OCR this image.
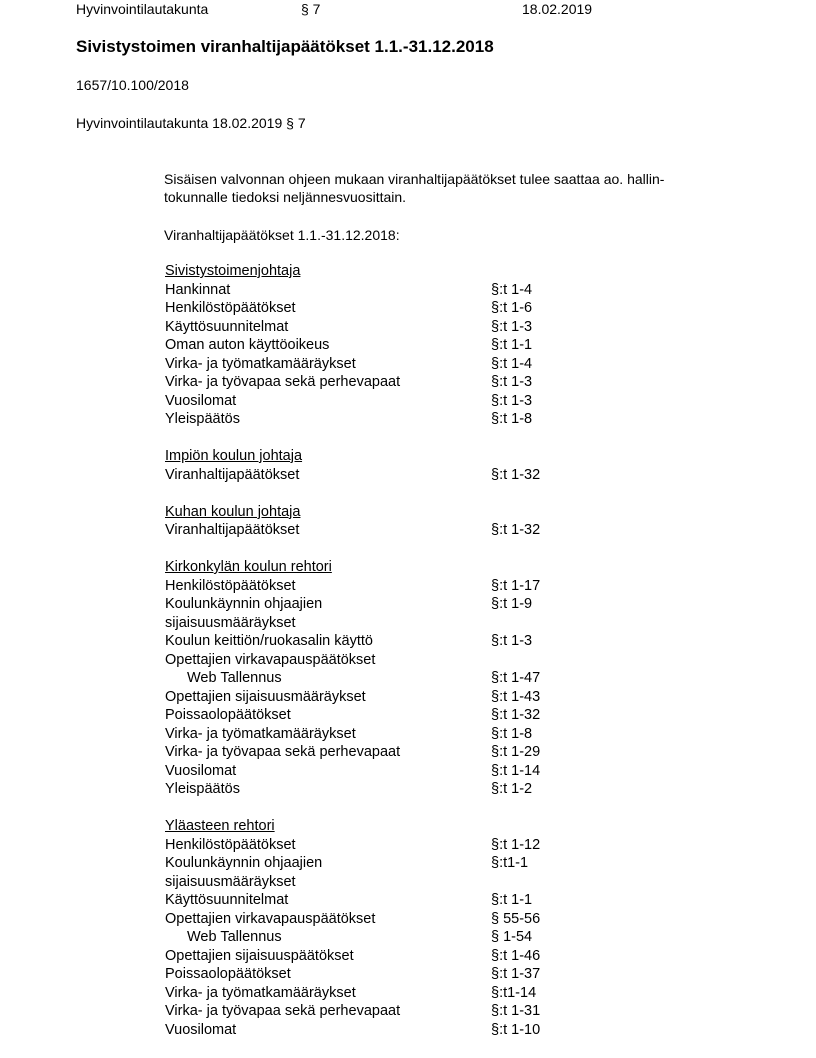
Hyvinvointilautakunta	§ 7	18.02.2019
Sivistystoimen viranhaltijapäätökset 1.1.-31.12.2018
1657/10.100/2018
Hyvinvointilautakunta 18.02.2019 § 7

Sisäisen valvonnan ohjeen mukaan viranhaltijapäätökset tulee saattaa ao. hallin-

tokunnalle tiedoksi neljännesvuosittain.

Viranhaltijapäätökset 1.1.-31.12.2018:

Sivistystoimenjohtaja
Hankinnat	§:t 1-4
Henkilöstöpäätökset	§:t 1-6
Käyttösuunnitelmat	§:t 1-3
Oman auton käyttöoikeus	§:t 1-1
Virka- ja työmatkamääräykset	§:t 1-4
Virka- ja työvapaa sekä perhevapaat	§:t 1-3
Vuosilomat	§:t 1-3
Yleispäätös	§:t 1-8
Impiön koulun johtaja
Viranhaltijapäätökset	§:t 1-32
Kuhan koulun johtaja
Viranhaltijapäätökset	§:t 1-32
Kirkonkylän koulun rehtori
Henkilöstöpäätökset	§:t 1-17
Koulunkäynnin ohjaajien	§:t 1-9
sijaisuusmääräykset
Koulun keittiön/ruokasalin käyttö	§:t 1-3
Opettajien virkavapauspäätökset
Web Tallennus	§:t 1-47
Opettajien sijaisuusmääräykset	§:t 1-43
Poissaolopäätökset	§:t 1-32
Virka- ja työmatkamääräykset	§:t 1-8
Virka- ja työvapaa sekä perhevapaat	§:t 1-29
Vuosilomat	§:t 1-14
Yleispäätös	§:t 1-2
Yläasteen rehtori
Henkilöstöpäätökset	§:t 1-12
Koulunkäynnin ohjaajien	§:t1-1
sijaisuusmääräykset
Käyttösuunnitelmat	§:t 1-1
Opettajien virkavapauspäätökset	§ 55-56
Web Tallennus	§ 1-54
Opettajien sijaisuuspäätökset	§:t 1-46
Poissaolopäätökset	§:t 1-37
Virka- ja työmatkamääräykset	§:t1-14
Virka- ja työvapaa sekä perhevapaat	§:t 1-31
Vuosilomat	§:t 1-10
